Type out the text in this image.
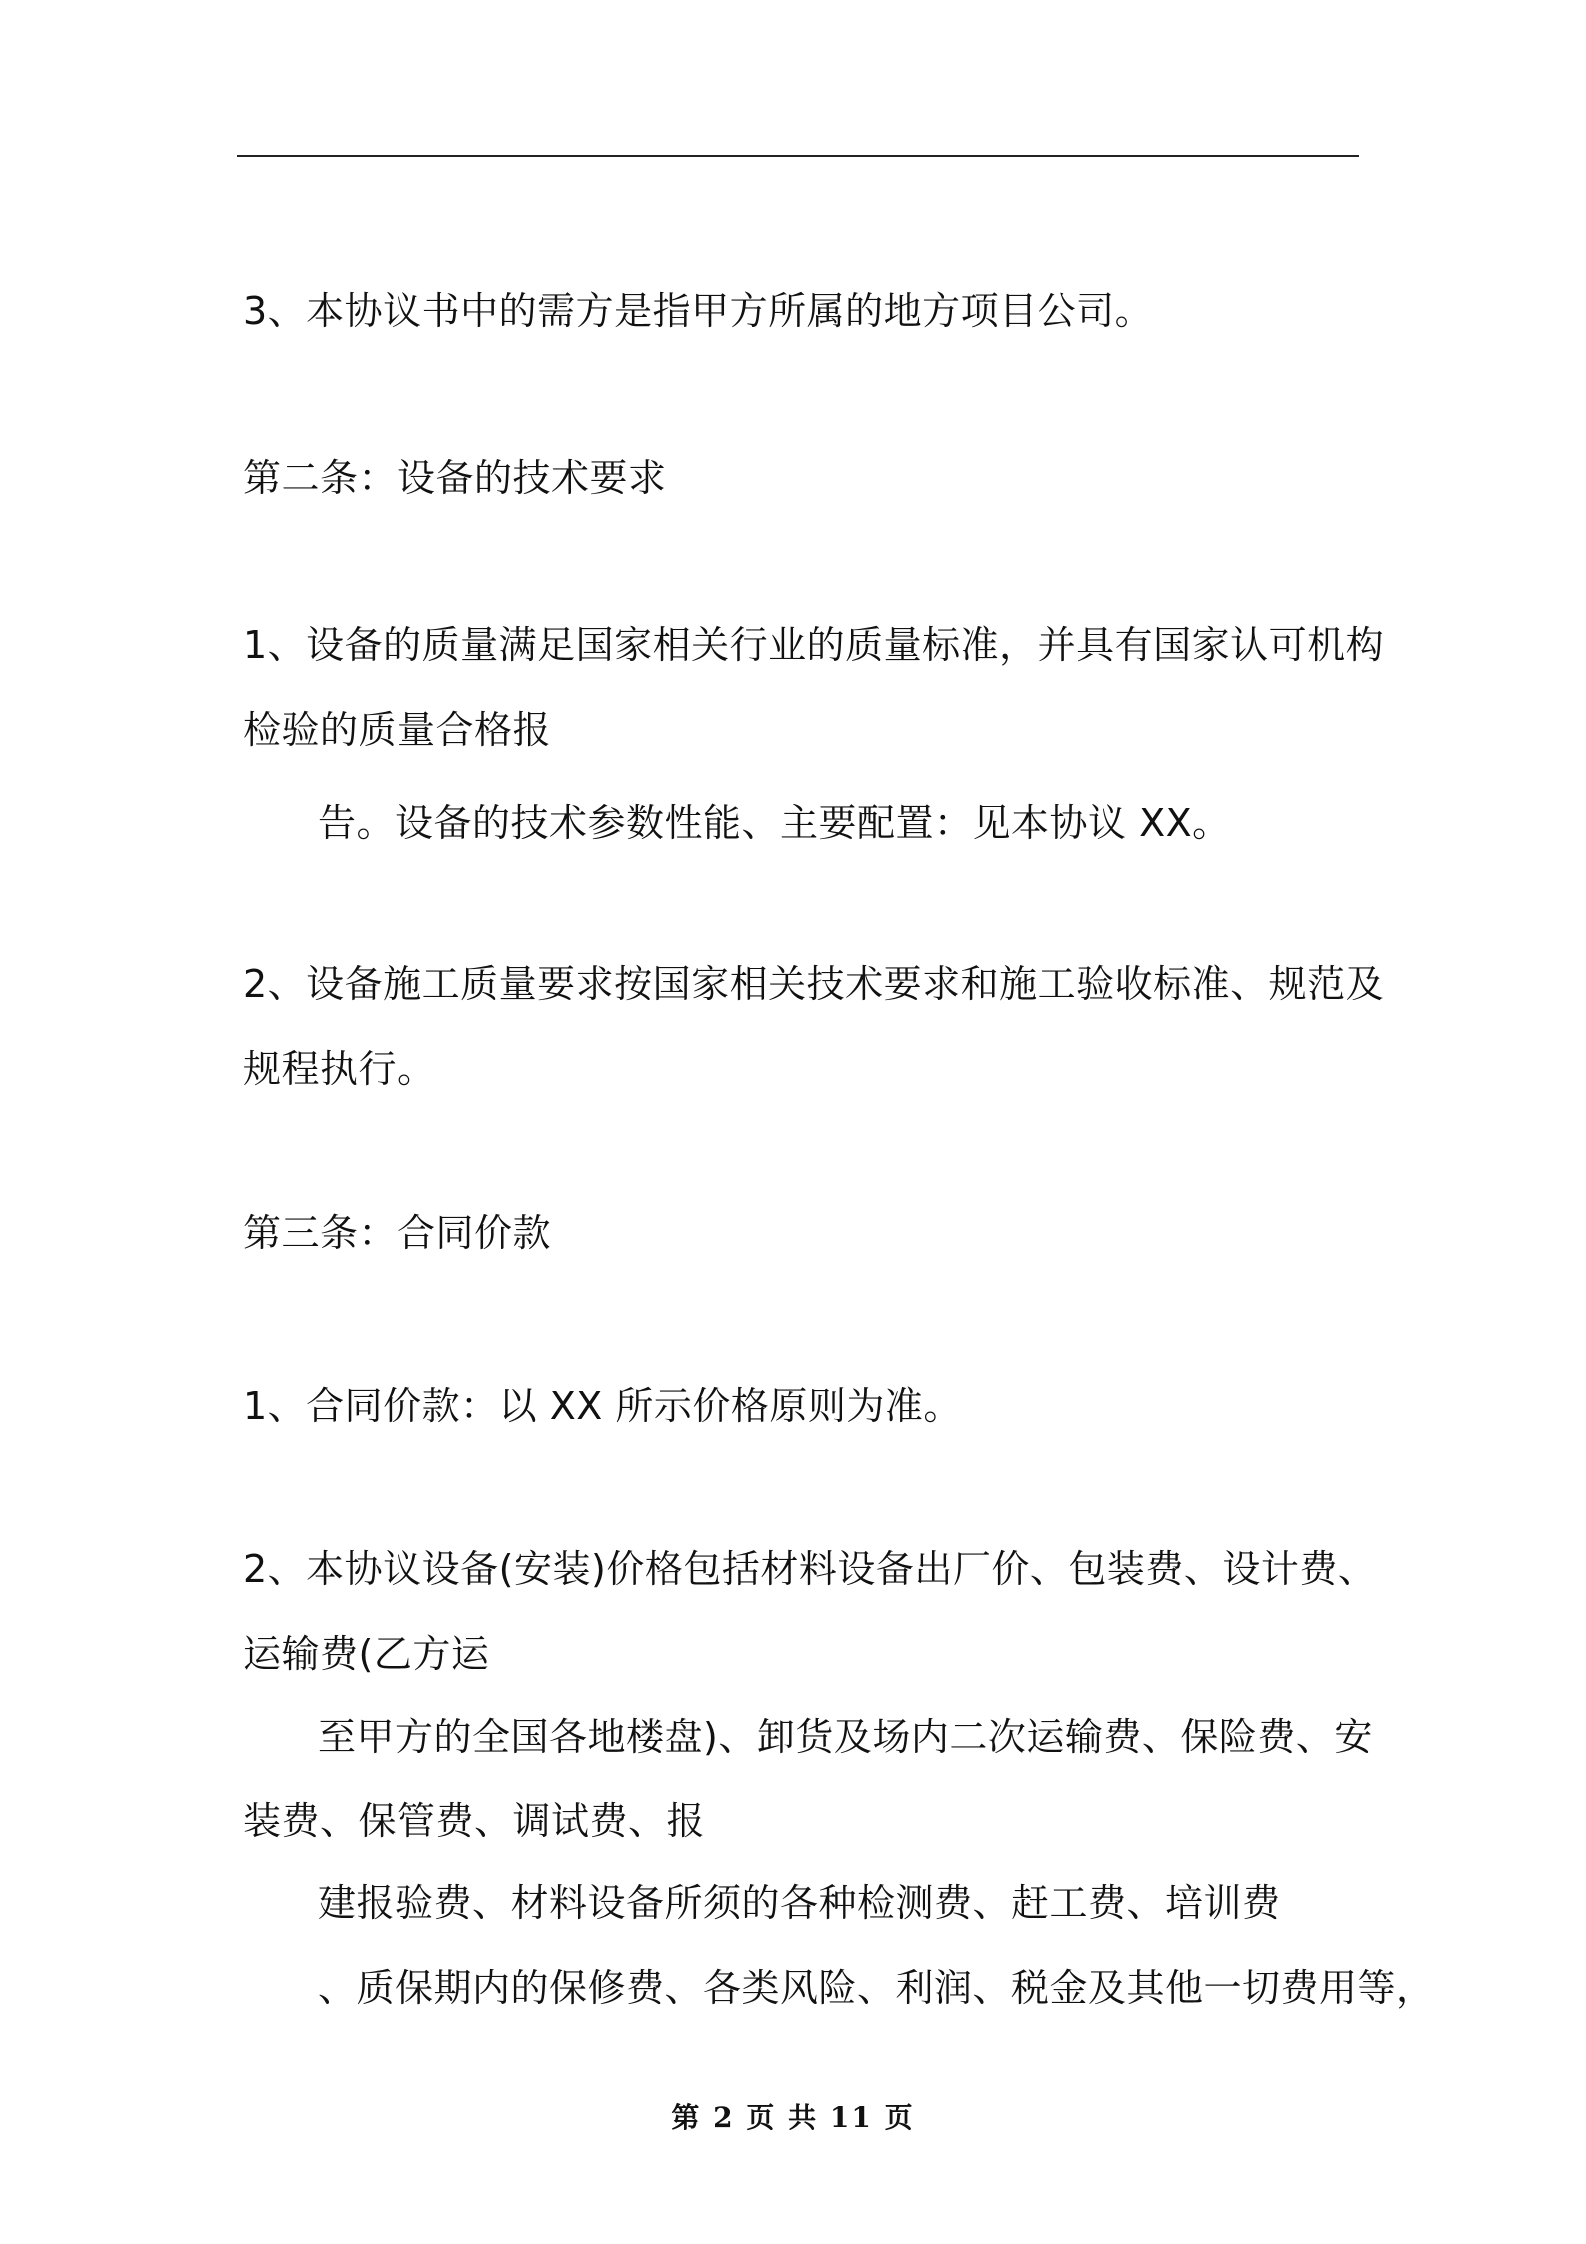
3、本协议书中的需方是指甲方所属的地方项目公司。
第二条：设备的技术要求
1、设备的质量满足国家相关行业的质量标准，并具有国家认可机构
检验的质量合格报
告。设备的技术参数性能、主要配置：见本协议 XX。
2、设备施工质量要求按国家相关技术要求和施工验收标准、规范及
规程执行。
第三条：合同价款
1、合同价款：以 XX 所示价格原则为准。
2、本协议设备(安装)价格包括材料设备出厂价、包装费、设计费、
运输费(乙方运
至甲方的全国各地楼盘)、卸货及场内二次运输费、保险费、安
装费、保管费、调试费、报
建报验费、材料设备所须的各种检测费、赶工费、培训费
、质保期内的保修费、各类风险、利润、税金及其他一切费用等，
第 2 页 共 11 页
